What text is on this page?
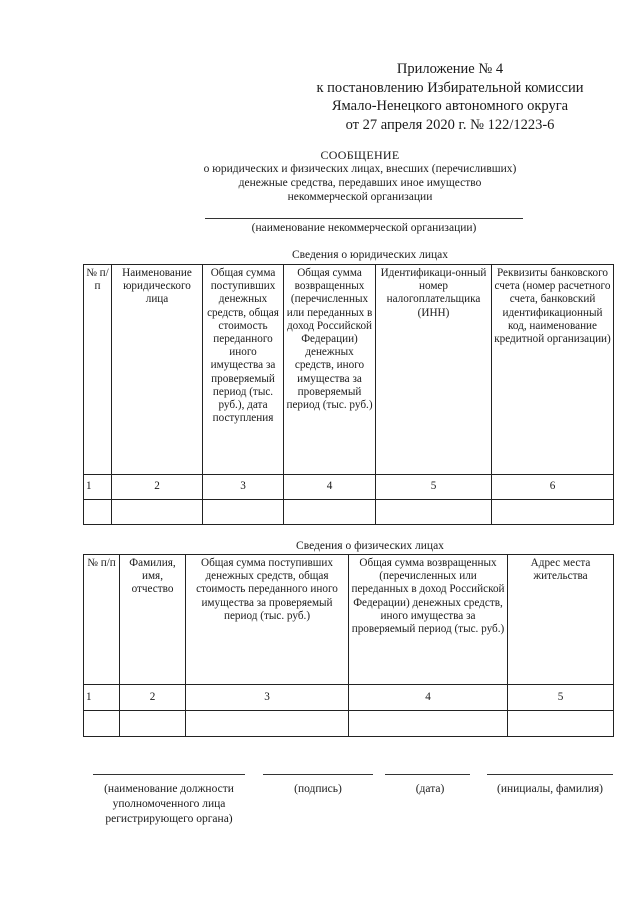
Приложение № 4
к постановлению Избирательной комиссии
Ямало-Ненецкого автономного округа
от 27 апреля 2020 г. № 122/1223-6
СООБЩЕНИЕ
о юридических и физических лицах, внесших (перечисливших)
денежные средства, передавших иное имущество
некоммерческой организации
(наименование некоммерческой организации)
Сведения о юридических лицах
№ п/п	Наименование юридического лица	Общая сумма поступивших денежных средств, общая стоимость переданного иного имущества за проверяемый период (тыс. руб.), дата поступления	Общая сумма возвращенных (перечисленных или переданных в доход Российской Федерации) денежных средств, иного имущества за проверяемый период (тыс. руб.)	Идентификаци-онный номер налогоплательщика (ИНН)	Реквизиты банковского счета (номер расчетного счета, банковский идентификационный код, наименование кредитной организации)
1	2	3	4	5	6

Сведения о физических лицах
№ п/п	Фамилия, имя, отчество	Общая сумма поступивших денежных средств, общая стоимость переданного иного имущества за проверяемый период (тыс. руб.)	Общая сумма возвращенных (перечисленных или переданных в доход Российской Федерации) денежных средств, иного имущества за проверяемый период (тыс. руб.)	Адрес места жительства
1	2	3	4	5

(наименование должности уполномоченного лица регистрирующего органа)
(подпись)	(дата)	(инициалы, фамилия)
